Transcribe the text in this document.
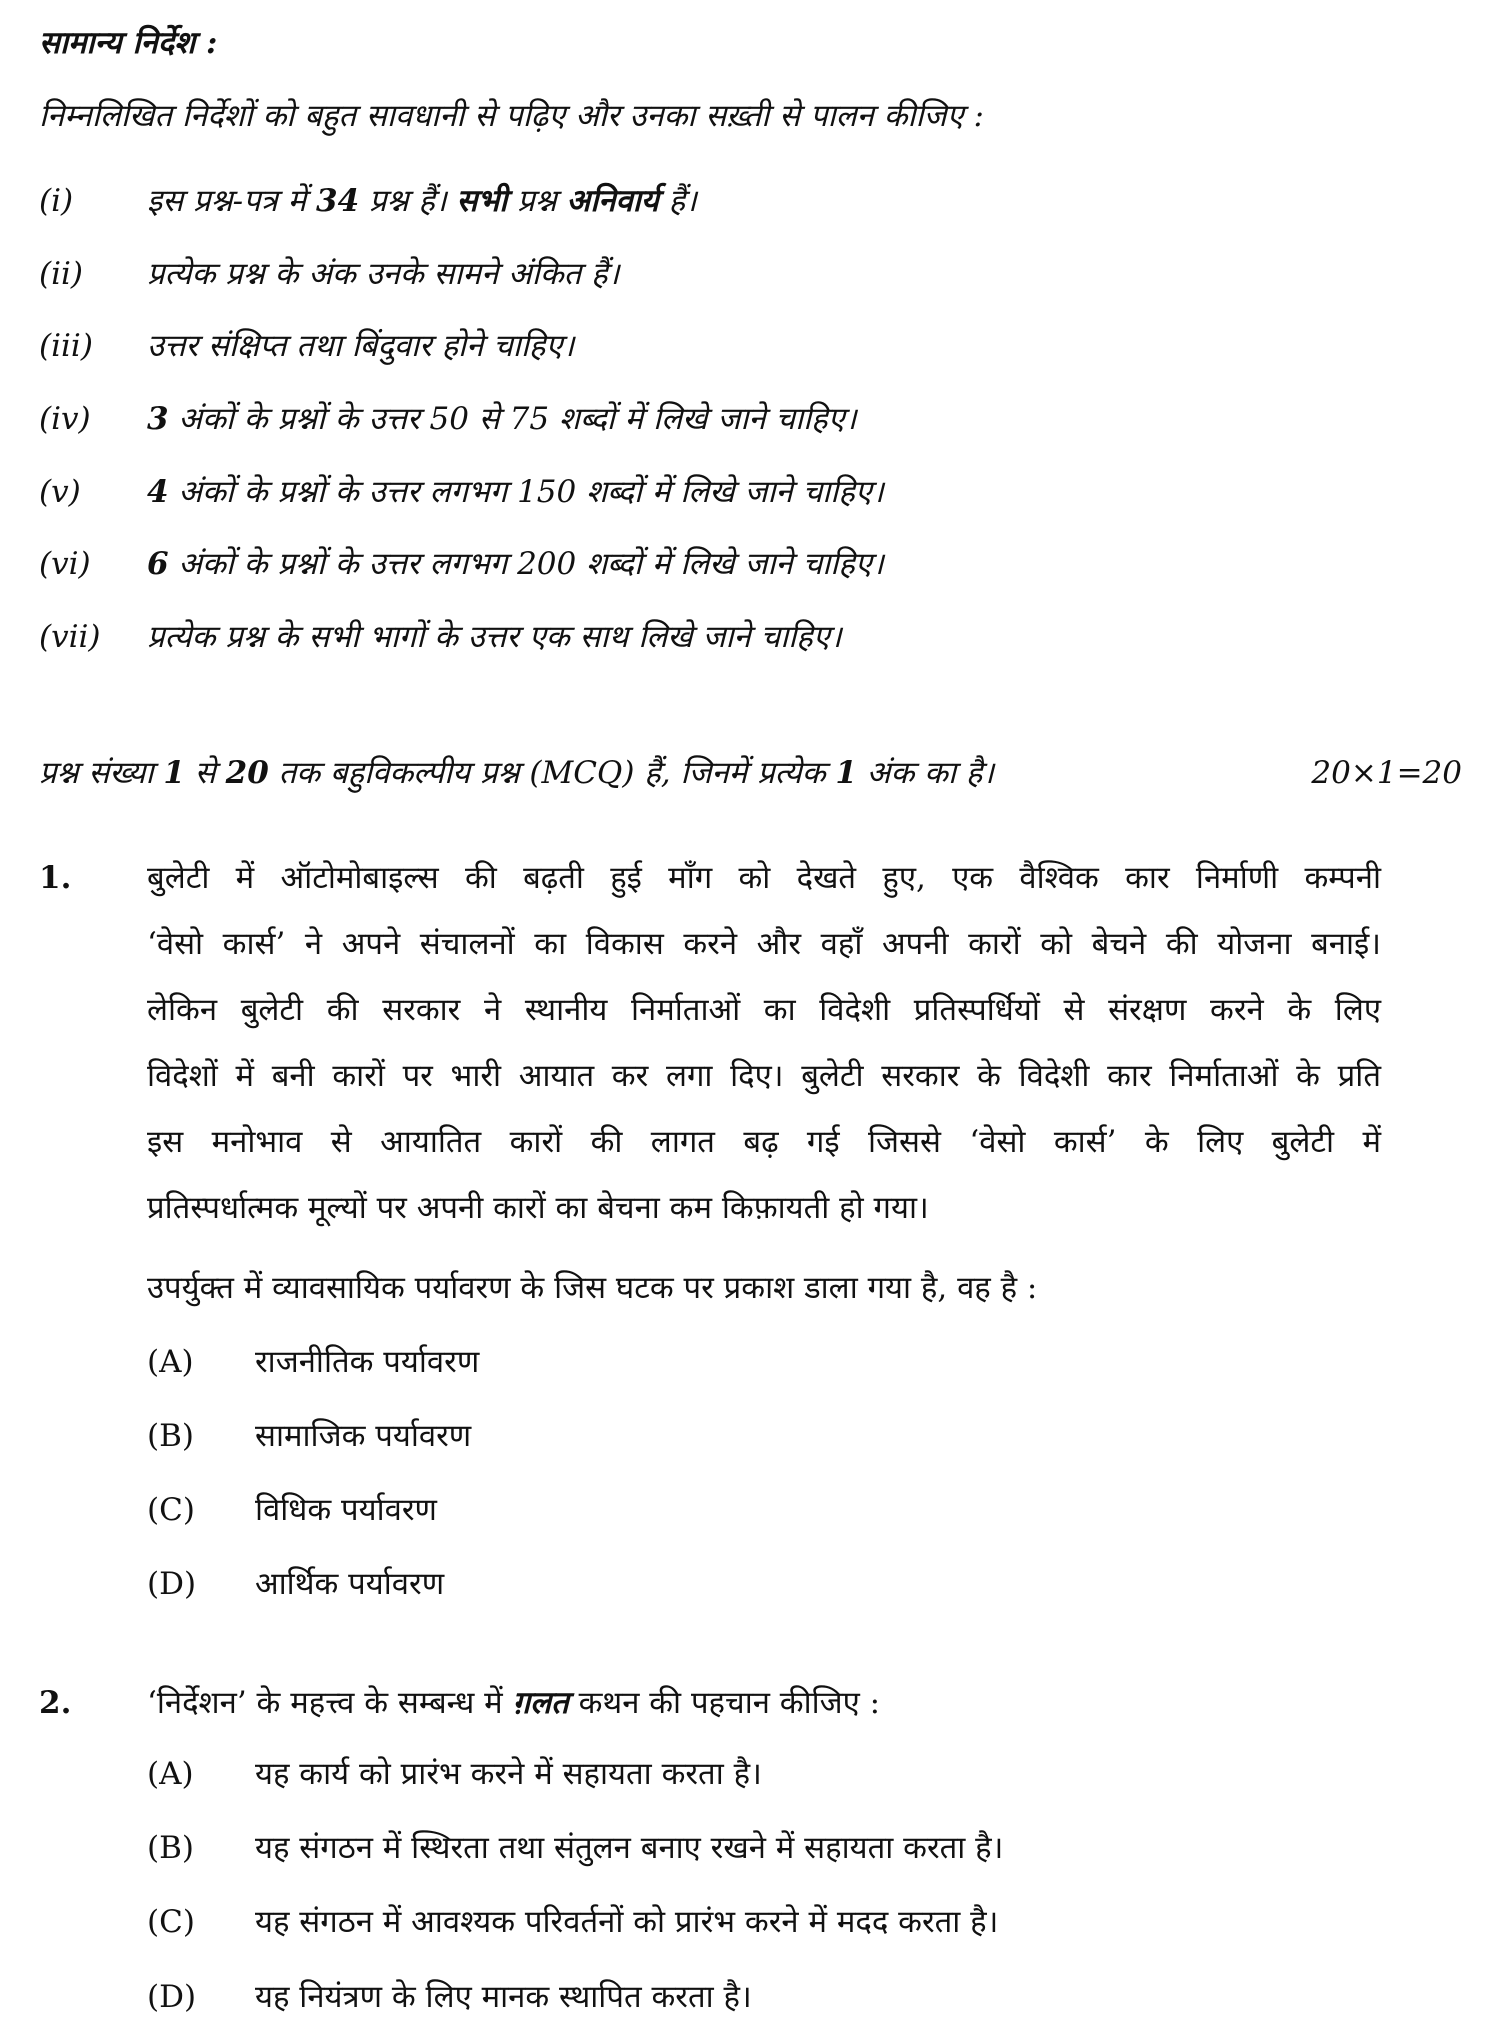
सामान्य निर्देश :
निम्नलिखित निर्देशों को बहुत सावधानी से पढ़िए और उनका सख़्ती से पालन कीजिए :
(i) इस प्रश्न-पत्र में 34 प्रश्न हैं। सभी प्रश्न अनिवार्य हैं।
(ii) प्रत्येक प्रश्न के अंक उनके सामने अंकित हैं।
(iii) उत्तर संक्षिप्त तथा बिंदुवार होने चाहिए।
(iv) 3 अंकों के प्रश्नों के उत्तर 50 से 75 शब्दों में लिखे जाने चाहिए।
(v) 4 अंकों के प्रश्नों के उत्तर लगभग 150 शब्दों में लिखे जाने चाहिए।
(vi) 6 अंकों के प्रश्नों के उत्तर लगभग 200 शब्दों में लिखे जाने चाहिए।
(vii) प्रत्येक प्रश्न के सभी भागों के उत्तर एक साथ लिखे जाने चाहिए।
प्रश्न संख्या 1 से 20 तक बहुविकल्पीय प्रश्न (MCQ) हैं, जिनमें प्रत्येक 1 अंक का है।	20×1=20
1. बुलेटी में ऑटोमोबाइल्स की बढ़ती हुई माँग को देखते हुए, एक वैश्विक कार निर्माणी कम्पनी
‘वेसो कार्स’ ने अपने संचालनों का विकास करने और वहाँ अपनी कारों को बेचने की योजना बनाई।
लेकिन बुलेटी की सरकार ने स्थानीय निर्माताओं का विदेशी प्रतिस्पर्धियों से संरक्षण करने के लिए
विदेशों में बनी कारों पर भारी आयात कर लगा दिए। बुलेटी सरकार के विदेशी कार निर्माताओं के प्रति
इस मनोभाव से आयातित कारों की लागत बढ़ गई जिससे ‘वेसो कार्स’ के लिए बुलेटी में
प्रतिस्पर्धात्मक मूल्यों पर अपनी कारों का बेचना कम किफ़ायती हो गया।
उपर्युक्त में व्यावसायिक पर्यावरण के जिस घटक पर प्रकाश डाला गया है, वह है :
(A) राजनीतिक पर्यावरण
(B) सामाजिक पर्यावरण
(C) विधिक पर्यावरण
(D) आर्थिक पर्यावरण
2. ‘निर्देशन’ के महत्त्व के सम्बन्ध में ग़लत कथन की पहचान कीजिए :
(A) यह कार्य को प्रारंभ करने में सहायता करता है।
(B) यह संगठन में स्थिरता तथा संतुलन बनाए रखने में सहायता करता है।
(C) यह संगठन में आवश्यक परिवर्तनों को प्रारंभ करने में मदद करता है।
(D) यह नियंत्रण के लिए मानक स्थापित करता है।
